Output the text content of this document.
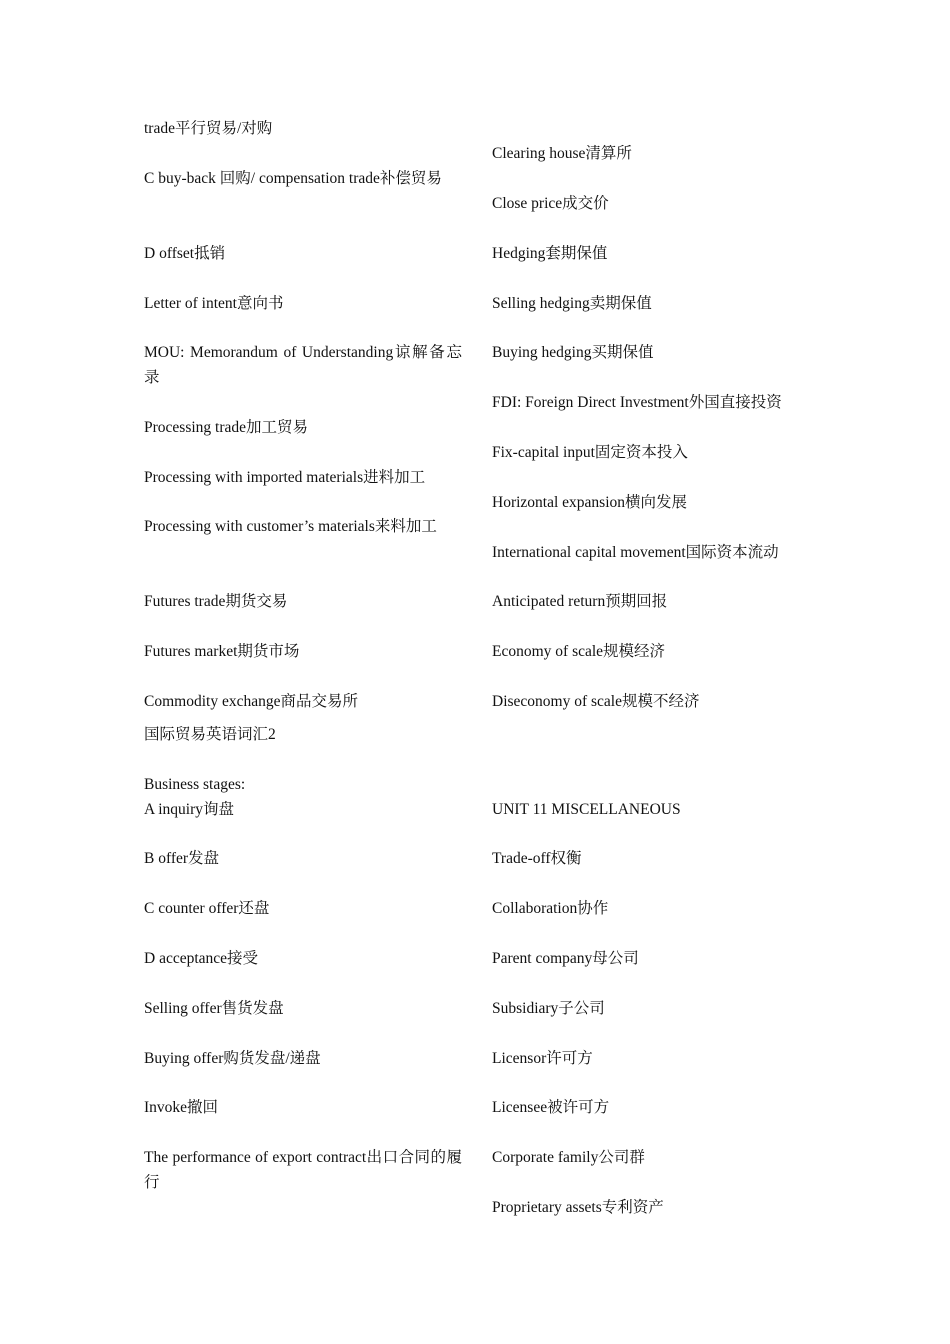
trade平行贸易/对购
C buy-back 回购/ compensation trade补偿贸易
D offset抵销
Letter of intent意向书
MOU: Memorandum of Understanding谅解备忘录
Processing trade加工贸易
Processing with imported materials进料加工
Processing with customer’s materials来料加工
Futures trade期货交易
Futures market期货市场
Commodity exchange商品交易所
国际贸易英语词汇2
Business stages:
A inquiry询盘
B offer发盘
C counter offer还盘
D acceptance接受
Selling offer售货发盘
Buying offer购货发盘/递盘
Invoke撤回
The performance of export contract出口合同的履行
Clearing house清算所
Close price成交价
Hedging套期保值
Selling hedging卖期保值
Buying hedging买期保值
FDI: Foreign Direct Investment外国直接投资
Fix-capital input固定资本投入
Horizontal expansion横向发展
International capital movement国际资本流动
Anticipated return预期回报
Economy of scale规模经济
Diseconomy of scale规模不经济
UNIT 11 MISCELLANEOUS
Trade-off权衡
Collaboration协作
Parent company母公司
Subsidiary子公司
Licensor许可方
Licensee被许可方
Corporate family公司群
Proprietary assets专利资产
